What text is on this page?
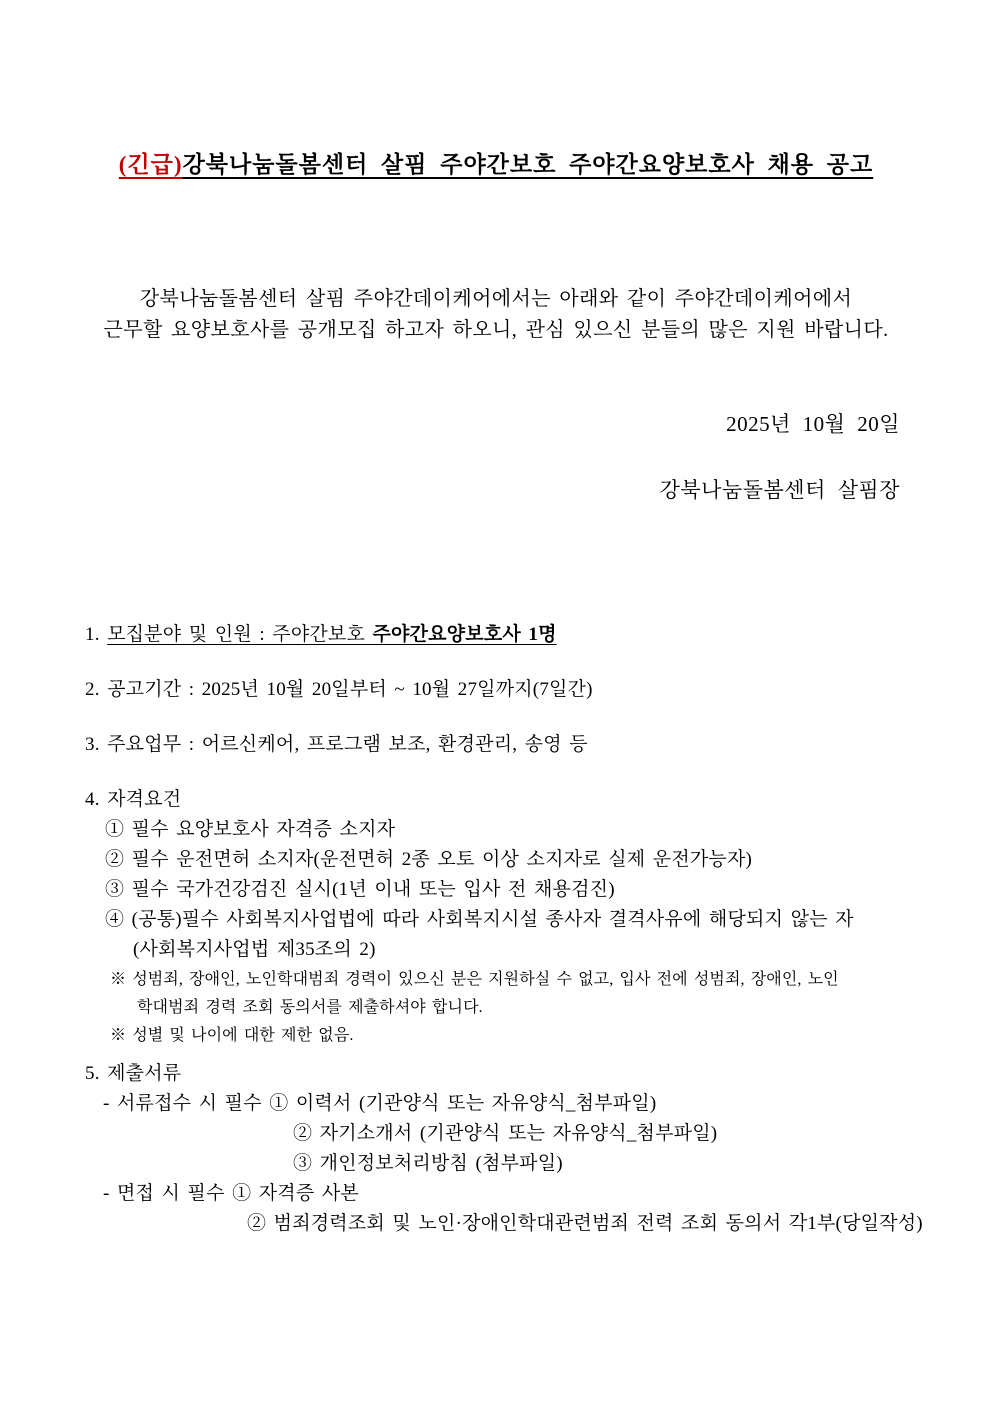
(긴급)강북나눔돌봄센터 살핌 주야간보호 주야간요양보호사 채용 공고
강북나눔돌봄센터 살핌 주야간데이케어에서는 아래와 같이 주야간데이케어에서
근무할 요양보호사를 공개모집 하고자 하오니, 관심 있으신 분들의 많은 지원 바랍니다.
2025년 10월 20일
강북나눔돌봄센터 살핌장
1. 모집분야 및 인원 : 주야간보호 주야간요양보호사 1명
2. 공고기간 : 2025년 10월 20일부터 ~ 10월 27일까지(7일간)
3. 주요업무 : 어르신케어, 프로그램 보조, 환경관리, 송영 등
4. 자격요건
① 필수 요양보호사 자격증 소지자
② 필수 운전면허 소지자(운전면허 2종 오토 이상 소지자로 실제 운전가능자)
③ 필수 국가건강검진 실시(1년 이내 또는 입사 전 채용검진)
④ (공통)필수 사회복지사업법에 따라 사회복지시설 종사자 결격사유에 해당되지 않는 자
(사회복지사업법 제35조의 2)
※ 성범죄, 장애인, 노인학대범죄 경력이 있으신 분은 지원하실 수 없고, 입사 전에 성범죄, 장애인, 노인
학대범죄 경력 조회 동의서를 제출하셔야 합니다.
※ 성별 및 나이에 대한 제한 없음.
5. 제출서류
- 서류접수 시 필수 ① 이력서 (기관양식 또는 자유양식_첨부파일)
② 자기소개서 (기관양식 또는 자유양식_첨부파일)
③ 개인정보처리방침 (첨부파일)
- 면접 시 필수 ① 자격증 사본
② 범죄경력조회 및 노인·장애인학대관련범죄 전력 조회 동의서 각1부(당일작성)
